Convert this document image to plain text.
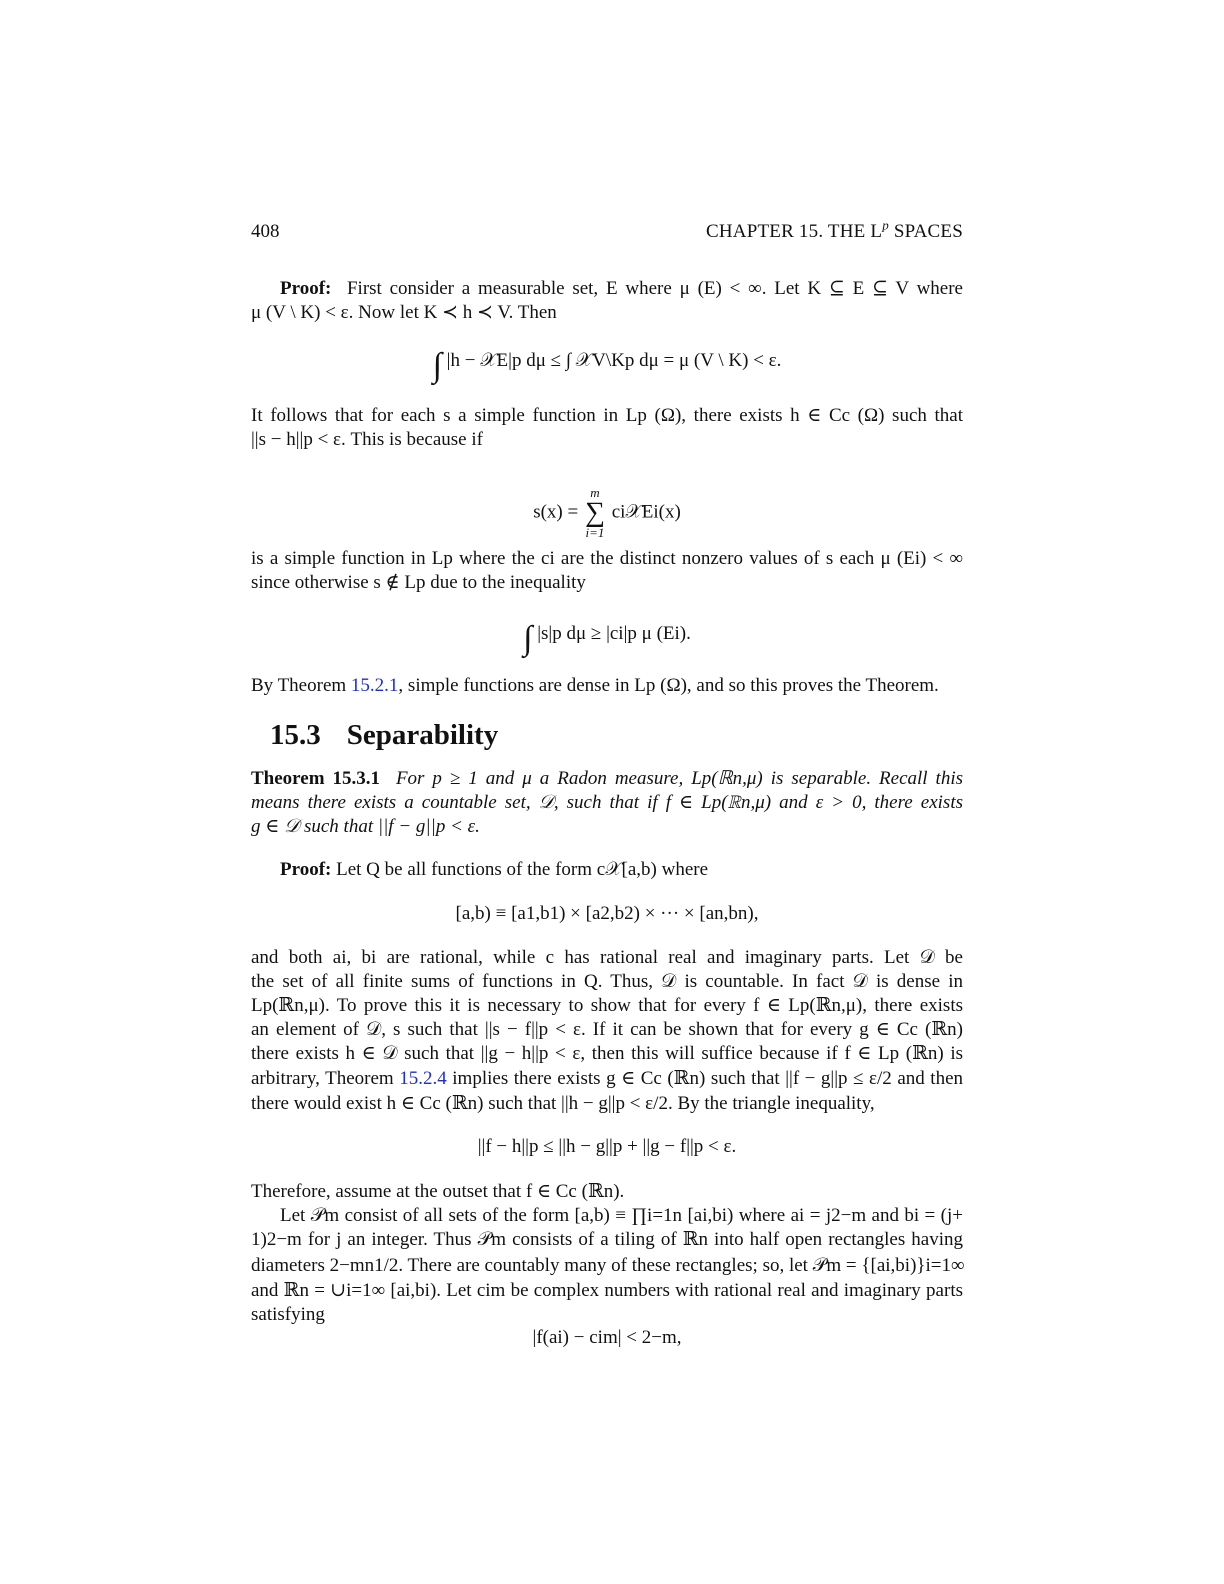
408	CHAPTER 15. THE $L^p$ SPACES
Proof: First consider a measurable set, E where μ (E) < ∞. Let K ⊆ E ⊆ V where
μ (V \ K) < ε. Now let K ≺ h ≺ V. Then
∫ |h − 𝒳E|p dμ ≤ ∫ 𝒳V\Kp dμ = μ (V \ K) < ε.
It follows that for each s a simple function in Lp (Ω), there exists h ∈ Cc (Ω) such that
||s − h||p < ε. This is because if
s(x) =
m
∑
i=1
ci𝒳Ei(x)
is a simple function in Lp where the ci are the distinct nonzero values of s each μ (Ei) < ∞
since otherwise s ∉ Lp due to the inequality
∫ |s|p dμ ≥ |ci|p μ (Ei).
By Theorem 15.2.1, simple functions are dense in Lp (Ω), and so this proves the Theorem.
15.3 Separability
Theorem 15.3.1 For p ≥ 1 and μ a Radon measure, Lp(ℝn,μ) is separable. Recall this
means there exists a countable set, 𝒟, such that if f ∈ Lp(ℝn,μ) and ε > 0, there exists
g ∈ 𝒟 such that ||f − g||p < ε.
Proof: Let Q be all functions of the form c𝒳[a,b) where
[a,b) ≡ [a1,b1) × [a2,b2) × ··· × [an,bn),
and both ai, bi are rational, while c has rational real and imaginary parts. Let 𝒟 be
the set of all finite sums of functions in Q. Thus, 𝒟 is countable. In fact 𝒟 is dense in
Lp(ℝn,μ). To prove this it is necessary to show that for every f ∈ Lp(ℝn,μ), there exists
an element of 𝒟, s such that ||s − f||p < ε. If it can be shown that for every g ∈ Cc (ℝn)
there exists h ∈ 𝒟 such that ||g − h||p < ε, then this will suffice because if f ∈ Lp (ℝn) is
arbitrary, Theorem 15.2.4 implies there exists g ∈ Cc (ℝn) such that ||f − g||p ≤ ε/2 and then
there would exist h ∈ Cc (ℝn) such that ||h − g||p < ε/2. By the triangle inequality,
||f − h||p ≤ ||h − g||p + ||g − f||p < ε.
Therefore, assume at the outset that f ∈ Cc (ℝn).
Let 𝒫m consist of all sets of the form [a,b) ≡ ∏i=1n [ai,bi) where ai = j2−m and bi = (j+
1)2−m for j an integer. Thus 𝒫m consists of a tiling of ℝn into half open rectangles having
diameters 2−mn1/2. There are countably many of these rectangles; so, let 𝒫m = {[ai,bi)}i=1∞
and ℝn = ∪i=1∞ [ai,bi). Let cim be complex numbers with rational real and imaginary parts
satisfying
|f(ai) − cim| < 2−m,
